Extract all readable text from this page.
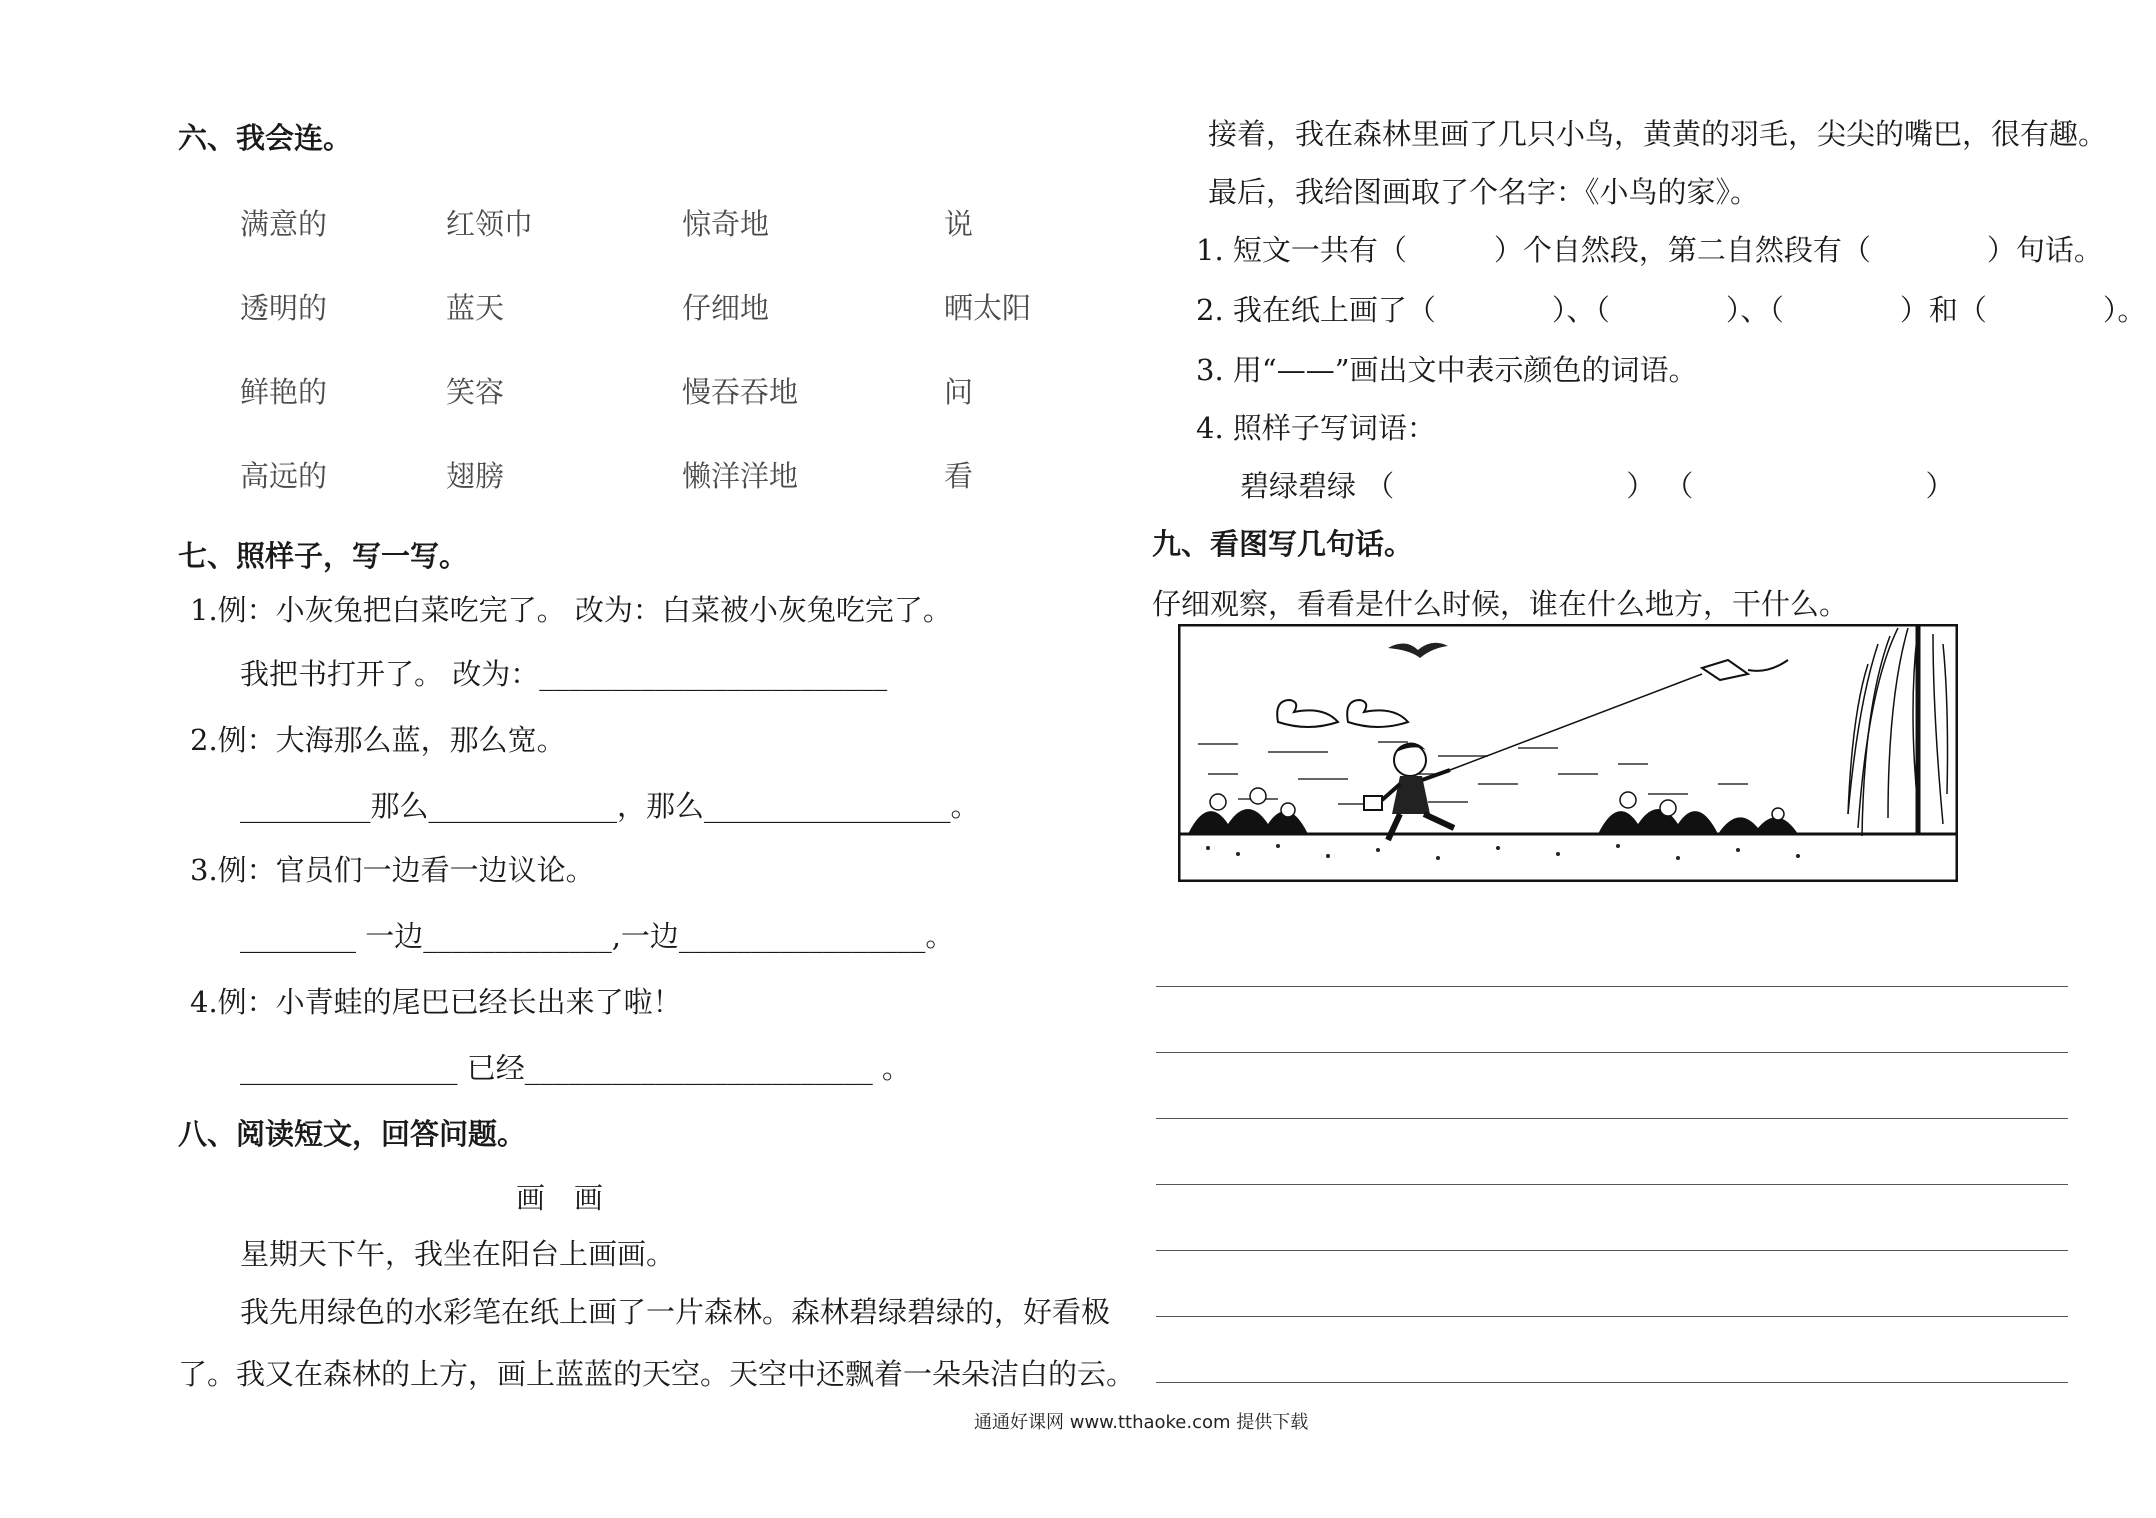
六、我会连。
满意的
透明的
鲜艳的
高远的
红领巾
蓝天
笑容
翅膀
惊奇地
仔细地
慢吞吞地
懒洋洋地
说
晒太阳
问
看
七、照样子，写一写。
1.例：小灰兔把白菜吃完了。 改为：白菜被小灰兔吃完了。
我把书打开了。 改为：________________________
2.例：大海那么蓝，那么宽。
_________那么_____________，那么_________________。
3.例：官员们一边看一边议论。
________ 一边_____________,一边_________________。
4.例：小青蛙的尾巴已经长出来了啦！
_______________ 已经________________________ 。
八、阅读短文，回答问题。
画　画
星期天下午，我坐在阳台上画画。
我先用绿色的水彩笔在纸上画了一片森林。森林碧绿碧绿的，好看极
了。我又在森林的上方，画上蓝蓝的天空。天空中还飘着一朵朵洁白的云。
接着，我在森林里画了几只小鸟，黄黄的羽毛，尖尖的嘴巴，很有趣。
最后，我给图画取了个名字：《小鸟的家》。
1. 短文一共有（　　　）个自然段，第二自然段有（　　　　）句话。
2. 我在纸上画了（　　　　）、（　　　　）、（　　　　）和（　　　　）。
3. 用“——”画出文中表示颜色的词语。
4. 照样子写词语：
碧绿碧绿 （　　　　　　　　） （　　　　　　　　）
九、看图写几句话。
仔细观察，看看是什么时候，谁在什么地方，干什么。
通通好课网 www.tthaoke.com 提供下载
